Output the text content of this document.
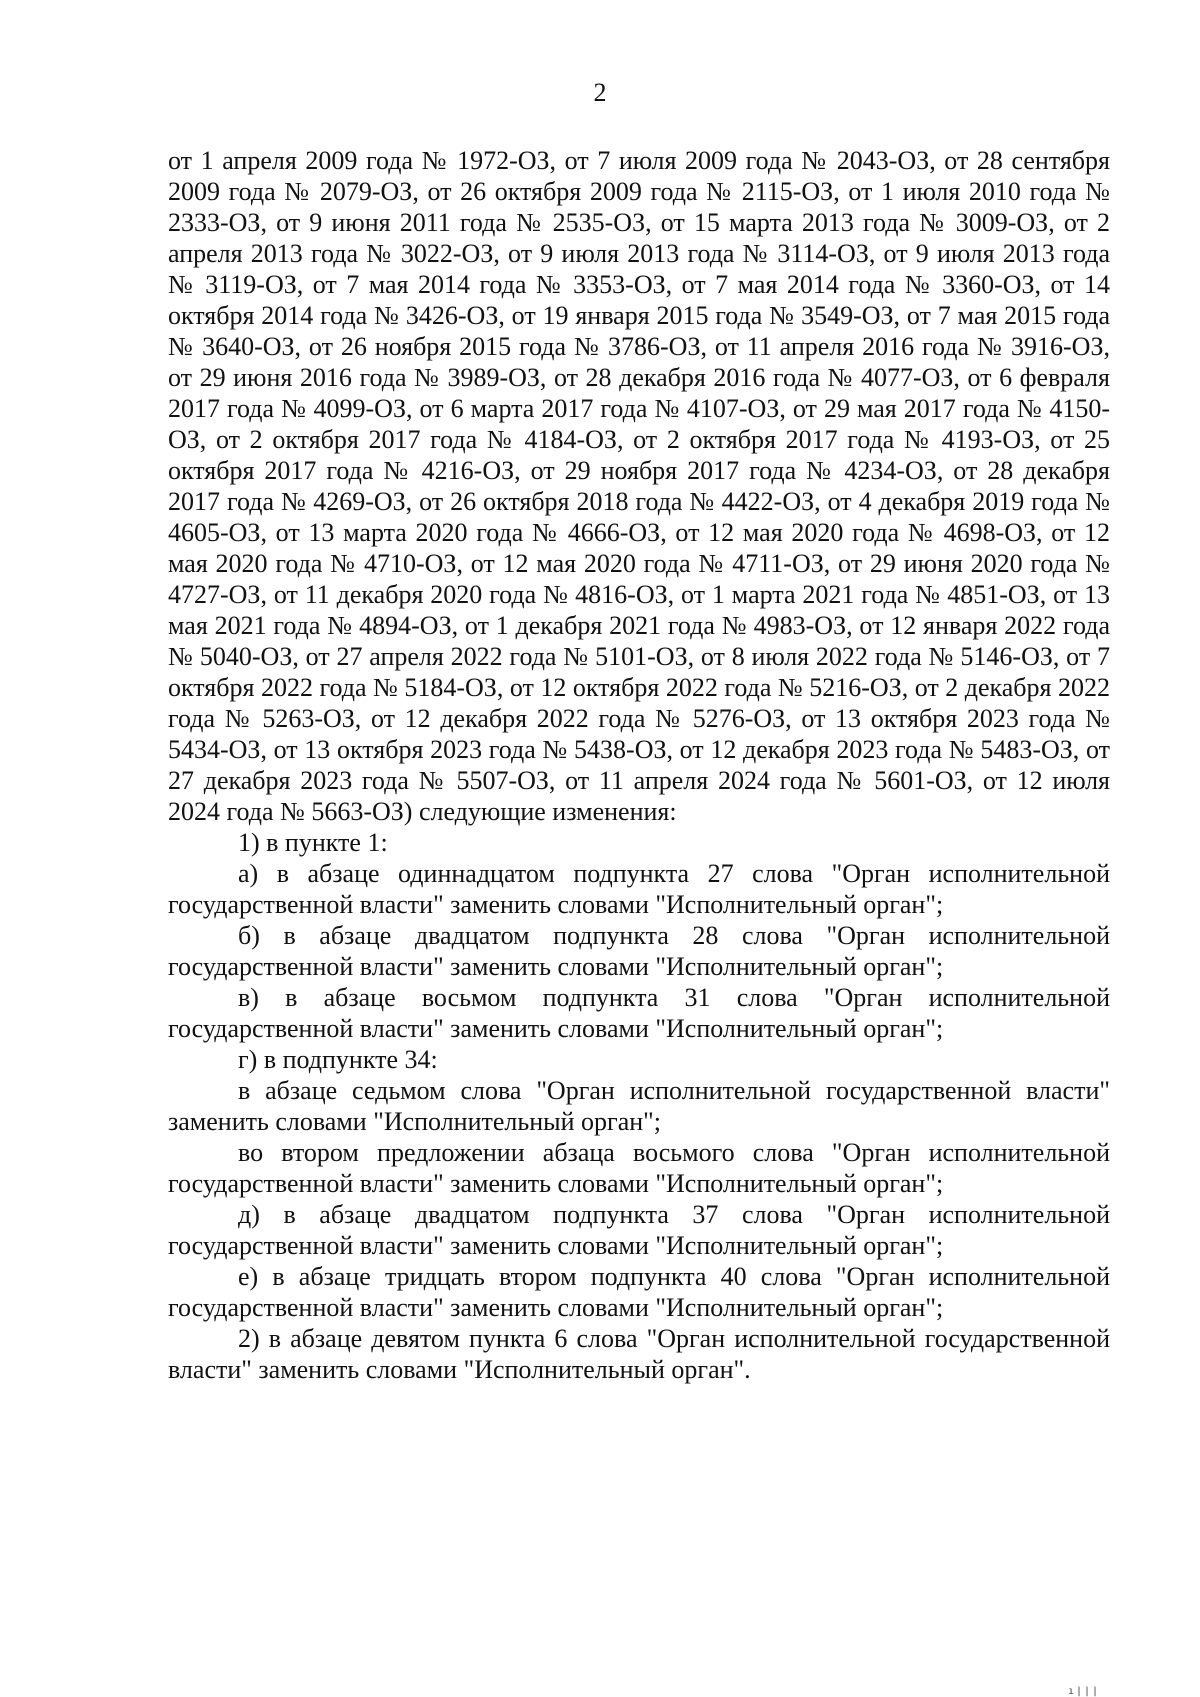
2

от 1 апреля 2009 года № 1972-ОЗ, от 7 июля 2009 года № 2043-ОЗ, от 28 сентября 2009 года № 2079-ОЗ, от 26 октября 2009 года № 2115-ОЗ, от 1 июля 2010 года № 2333-ОЗ, от 9 июня 2011 года № 2535-ОЗ, от 15 марта 2013 года № 3009-ОЗ, от 2 апреля 2013 года № 3022-ОЗ, от 9 июля 2013 года № 3114-ОЗ, от 9 июля 2013 года № 3119-ОЗ, от 7 мая 2014 года № 3353-ОЗ, от 7 мая 2014 года № 3360-ОЗ, от 14 октября 2014 года № 3426-ОЗ, от 19 января 2015 года № 3549-ОЗ, от 7 мая 2015 года № 3640-ОЗ, от 26 ноября 2015 года № 3786-ОЗ, от 11 апреля 2016 года № 3916-ОЗ, от 29 июня 2016 года № 3989-ОЗ, от 28 декабря 2016 года № 4077-ОЗ, от 6 февраля 2017 года № 4099-ОЗ, от 6 марта 2017 года № 4107-ОЗ, от 29 мая 2017 года № 4150-ОЗ, от 2 октября 2017 года № 4184-ОЗ, от 2 октября 2017 года № 4193-ОЗ, от 25 октября 2017 года № 4216-ОЗ, от 29 ноября 2017 года № 4234-ОЗ, от 28 декабря 2017 года № 4269-ОЗ, от 26 октября 2018 года № 4422-ОЗ, от 4 декабря 2019 года № 4605-ОЗ, от 13 марта 2020 года № 4666-ОЗ, от 12 мая 2020 года № 4698-ОЗ, от 12 мая 2020 года № 4710-ОЗ, от 12 мая 2020 года № 4711-ОЗ, от 29 июня 2020 года № 4727-ОЗ, от 11 декабря 2020 года № 4816-ОЗ, от 1 марта 2021 года № 4851-ОЗ, от 13 мая 2021 года № 4894-ОЗ, от 1 декабря 2021 года № 4983-ОЗ, от 12 января 2022 года № 5040-ОЗ, от 27 апреля 2022 года № 5101-ОЗ, от 8 июля 2022 года № 5146-ОЗ, от 7 октября 2022 года № 5184-ОЗ, от 12 октября 2022 года № 5216-ОЗ, от 2 декабря 2022 года № 5263-ОЗ, от 12 декабря 2022 года № 5276-ОЗ, от 13 октября 2023 года № 5434-ОЗ, от 13 октября 2023 года № 5438-ОЗ, от 12 декабря 2023 года № 5483-ОЗ, от 27 декабря 2023 года № 5507-ОЗ, от 11 апреля 2024 года № 5601-ОЗ, от 12 июля 2024 года № 5663-ОЗ) следующие изменения:

1) в пункте 1:

а) в абзаце одиннадцатом подпункта 27 слова "Орган исполнительной государственной власти" заменить словами "Исполнительный орган";

б) в абзаце двадцатом подпункта 28 слова "Орган исполнительной государственной власти" заменить словами "Исполнительный орган";

в) в абзаце восьмом подпункта 31 слова "Орган исполнительной государственной власти" заменить словами "Исполнительный орган";

г) в подпункте 34:

в абзаце седьмом слова "Орган исполнительной государственной власти" заменить словами "Исполнительный орган";

во втором предложении абзаца восьмого слова "Орган исполнительной государственной власти" заменить словами "Исполнительный орган";

д) в абзаце двадцатом подпункта 37 слова "Орган исполнительной государственной власти" заменить словами "Исполнительный орган";

е) в абзаце тридцать втором подпункта 40 слова "Орган исполнительной государственной власти" заменить словами "Исполнительный орган";

2) в абзаце девятом пункта 6 слова "Орган исполнительной государственной власти" заменить словами "Исполнительный орган".

ı|||
